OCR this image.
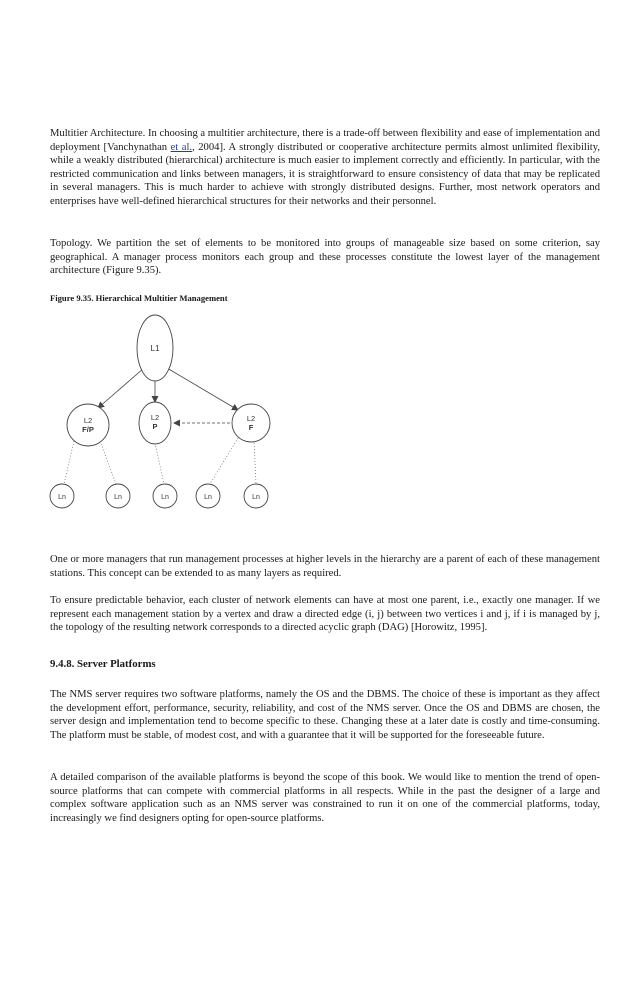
Multitier Architecture. In choosing a multitier architecture, there is a trade-off between flexibility and ease of implementation and deployment [Vanchynathan et al., 2004]. A strongly distributed or cooperative architecture permits almost unlimited flexibility, while a weakly distributed (hierarchical) architecture is much easier to implement correctly and efficiently. In particular, with the restricted communication and links between managers, it is straightforward to ensure consistency of data that may be replicated in several managers. This is much harder to achieve with strongly distributed designs. Further, most network operators and enterprises have well-defined hierarchical structures for their networks and their personnel.

Topology. We partition the set of elements to be monitored into groups of manageable size based on some criterion, say geographical. A manager process monitors each group and these processes constitute the lowest layer of the management architecture (Figure 9.35).

Figure 9.35. Hierarchical Multitier Management

L1
L2
F/P
L2
P
L2
F
Ln	Ln	Ln	Ln	Ln

One or more managers that run management processes at higher levels in the hierarchy are a parent of each of these management stations. This concept can be extended to as many layers as required.

To ensure predictable behavior, each cluster of network elements can have at most one parent, i.e., exactly one manager. If we represent each management station by a vertex and draw a directed edge (i, j) between two vertices i and j, if i is managed by j, the topology of the resulting network corresponds to a directed acyclic graph (DAG) [Horowitz, 1995].

9.4.8. Server Platforms

The NMS server requires two software platforms, namely the OS and the DBMS. The choice of these is important as they affect the development effort, performance, security, reliability, and cost of the NMS server. Once the OS and DBMS are chosen, the server design and implementation tend to become specific to these. Changing these at a later date is costly and time-consuming. The platform must be stable, of modest cost, and with a guarantee that it will be supported for the foreseeable future.

A detailed comparison of the available platforms is beyond the scope of this book. We would like to mention the trend of open-source platforms that can compete with commercial platforms in all respects. While in the past the designer of a large and complex software application such as an NMS server was constrained to run it on one of the commercial platforms, today, increasingly we find designers opting for open-source platforms.
